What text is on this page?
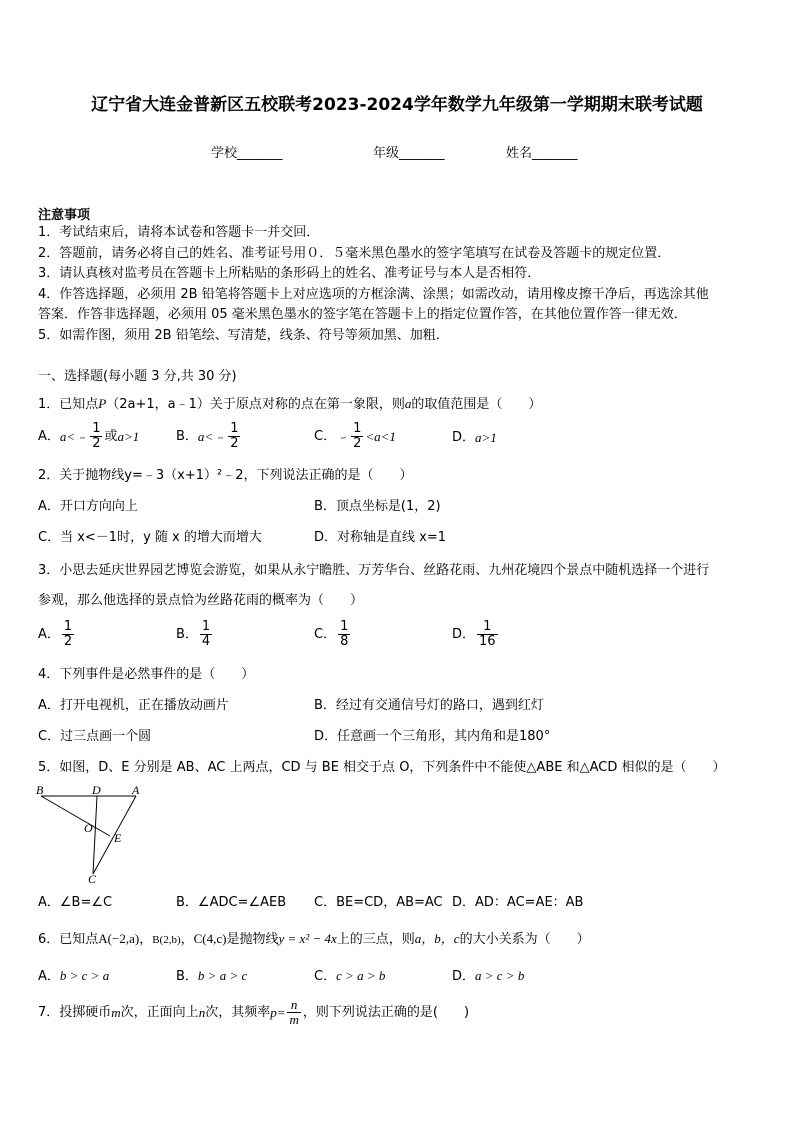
辽宁省大连金普新区五校联考2023-2024学年数学九年级第一学期期末联考试题
学校_______	年级_______	姓名_______
注意事项
1．考试结束后，请将本试卷和答题卡一并交回．
2．答题前，请务必将自己的姓名、准考证号用０．５毫米黑色墨水的签字笔填写在试卷及答题卡的规定位置．
3．请认真核对监考员在答题卡上所粘贴的条形码上的姓名、准考证号与本人是否相符．
4．作答选择题，必须用 2B 铅笔将答题卡上对应选项的方框涂满、涂黑；如需改动，请用橡皮擦干净后，再选涂其他
答案．作答非选择题，必须用 05 毫米黑色墨水的签字笔在答题卡上的指定位置作答，在其他位置作答一律无效．
5．如需作图，须用 2B 铅笔绘、写清楚，线条、符号等须加黑、加粗．
一、选择题(每小题 3 分,共 30 分)
1．已知点P（2a+1，a﹣1）关于原点对称的点在第一象限，则a的取值范围是（　　）
A． a<﹣ $\frac{1}{2}$ 或 a>1	B． a<﹣ $\frac{1}{2}$	C． ﹣ $\frac{1}{2} <a<1$	D． a>1
2．关于抛物线y=﹣3（x+1）²﹣2，下列说法正确的是（　　）
A．开口方向向上	B．顶点坐标是(1，2)
C．当 x<－1时，y 随 x 的增大而增大	D．对称轴是直线 x=1
3．小思去延庆世界园艺博览会游览，如果从永宁瞻胜、万芳华台、丝路花雨、九州花境四个景点中随机选择一个进行
参观，那么他选择的景点恰为丝路花雨的概率为（　　）
A． $\frac{1}{2}$	B． $\frac{1}{4}$	C． $\frac{1}{8}$	D． $\frac{1}{16}$
4．下列事件是必然事件的是（　　）
A．打开电视机，正在播放动画片	B．经过有交通信号灯的路口，遇到红灯
C．过三点画一个圆	D．任意画一个三角形，其内角和是180°
5．如图，D、E 分别是 AB、AC 上两点，CD 与 BE 相交于点 O，下列条件中不能使△ABE 和△ACD 相似的是（　　）
B	D	A
O
E
C
A．∠B=∠C	B．∠ADC=∠AEB C．BE=CD，AB=AC D．AD：AC=AE：AB
6．已知点A(−2,a)，B(2,b)，C(4,c)是抛物线y = x² − 4x上的三点，则a，b，c的大小关系为（　　）
A．b > c > a	B．b > a > c	C．c > a > b	D．a > c > b
7．投掷硬币 m 次，正面向上 n 次，其频率 $p= \frac{n}{m}$ ，则下列说法正确的是(　　)
